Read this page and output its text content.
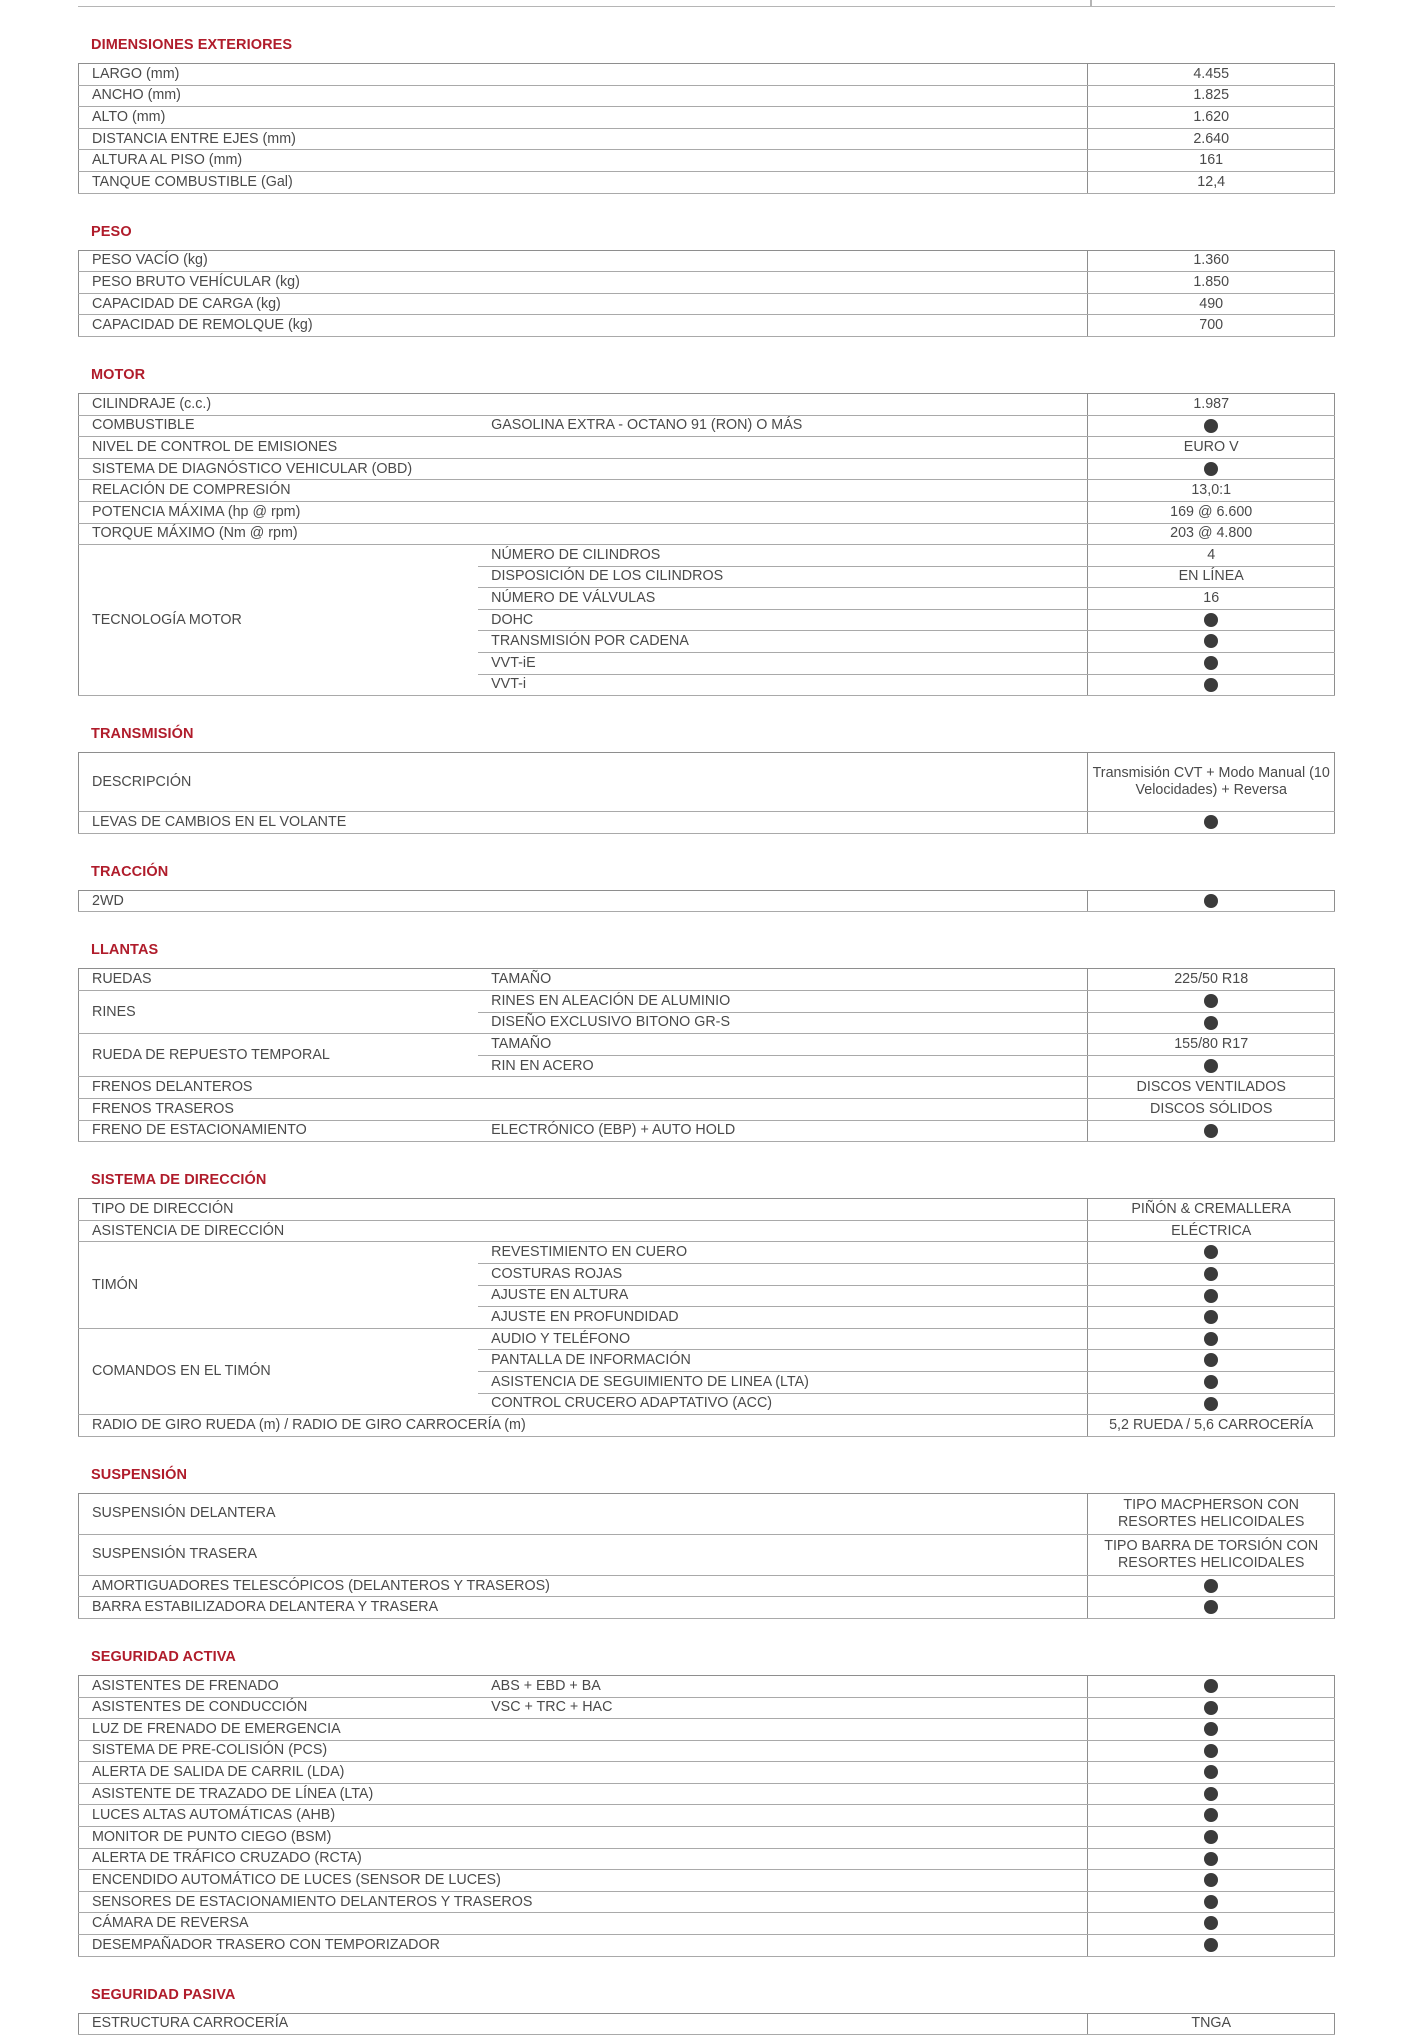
DIMENSIONES EXTERIORES
LARGO (mm)		4.455
ANCHO (mm)		1.825
ALTO (mm)		1.620
DISTANCIA ENTRE EJES (mm)		2.640
ALTURA AL PISO (mm)		161
TANQUE COMBUSTIBLE (Gal)		12,4
PESO
PESO VACÍO (kg)		1.360
PESO BRUTO VEHÍCULAR (kg)		1.850
CAPACIDAD DE CARGA (kg)		490
CAPACIDAD DE REMOLQUE (kg)		700
MOTOR
CILINDRAJE (c.c.)		1.987
COMBUSTIBLE	GASOLINA EXTRA - OCTANO 91 (RON) O MÁS	
NIVEL DE CONTROL DE EMISIONES		EURO V
SISTEMA DE DIAGNÓSTICO VEHICULAR (OBD)		
RELACIÓN DE COMPRESIÓN		13,0:1
POTENCIA MÁXIMA (hp @ rpm)		169 @ 6.600
TORQUE MÁXIMO (Nm @ rpm)		203 @ 4.800
TECNOLOGÍA MOTOR	NÚMERO DE CILINDROS	4
	DISPOSICIÓN DE LOS CILINDROS	EN LÍNEA
	NÚMERO DE VÁLVULAS	16
	DOHC	
	TRANSMISIÓN POR CADENA	
	VVT-iE	
	VVT-i	
TRANSMISIÓN
DESCRIPCIÓN		Transmisión CVT + Modo Manual (10 Velocidades) + Reversa
LEVAS DE CAMBIOS EN EL VOLANTE		
TRACCIÓN
2WD		
LLANTAS
RUEDAS	TAMAÑO	225/50 R18
RINES	RINES EN ALEACIÓN DE ALUMINIO	
	DISEÑO EXCLUSIVO BITONO GR-S	
RUEDA DE REPUESTO TEMPORAL	TAMAÑO	155/80 R17
	RIN EN ACERO	
FRENOS DELANTEROS		DISCOS VENTILADOS
FRENOS TRASEROS		DISCOS SÓLIDOS
FRENO DE ESTACIONAMIENTO	ELECTRÓNICO (EBP) + AUTO HOLD	
SISTEMA DE DIRECCIÓN
TIPO DE DIRECCIÓN		PIÑÓN & CREMALLERA
ASISTENCIA DE DIRECCIÓN		ELÉCTRICA
TIMÓN	REVESTIMIENTO EN CUERO	
	COSTURAS ROJAS	
	AJUSTE EN ALTURA	
	AJUSTE EN PROFUNDIDAD	
COMANDOS EN EL TIMÓN	AUDIO Y TELÉFONO	
	PANTALLA DE INFORMACIÓN	
	ASISTENCIA DE SEGUIMIENTO DE LINEA (LTA)	
	CONTROL CRUCERO ADAPTATIVO (ACC)	
RADIO DE GIRO RUEDA (m) / RADIO DE GIRO CARROCERÍA (m)		5,2 RUEDA / 5,6 CARROCERÍA
SUSPENSIÓN
SUSPENSIÓN DELANTERA		TIPO MACPHERSON CON RESORTES HELICOIDALES
SUSPENSIÓN TRASERA		TIPO BARRA DE TORSIÓN CON RESORTES HELICOIDALES
AMORTIGUADORES TELESCÓPICOS (DELANTEROS Y TRASEROS)		
BARRA ESTABILIZADORA DELANTERA Y TRASERA		
SEGURIDAD ACTIVA
ASISTENTES DE FRENADO	ABS + EBD + BA	
ASISTENTES DE CONDUCCIÓN	VSC + TRC + HAC	
LUZ DE FRENADO DE EMERGENCIA		
SISTEMA DE PRE-COLISIÓN (PCS)		
ALERTA DE SALIDA DE CARRIL (LDA)		
ASISTENTE DE TRAZADO DE LÍNEA (LTA)		
LUCES ALTAS AUTOMÁTICAS (AHB)		
MONITOR DE PUNTO CIEGO (BSM)		
ALERTA DE TRÁFICO CRUZADO (RCTA)		
ENCENDIDO AUTOMÁTICO DE LUCES (SENSOR DE LUCES)		
SENSORES DE ESTACIONAMIENTO DELANTEROS Y TRASEROS		
CÁMARA DE REVERSA		
DESEMPAÑADOR TRASERO CON TEMPORIZADOR		
SEGURIDAD PASIVA
ESTRUCTURA CARROCERÍA		TNGA
